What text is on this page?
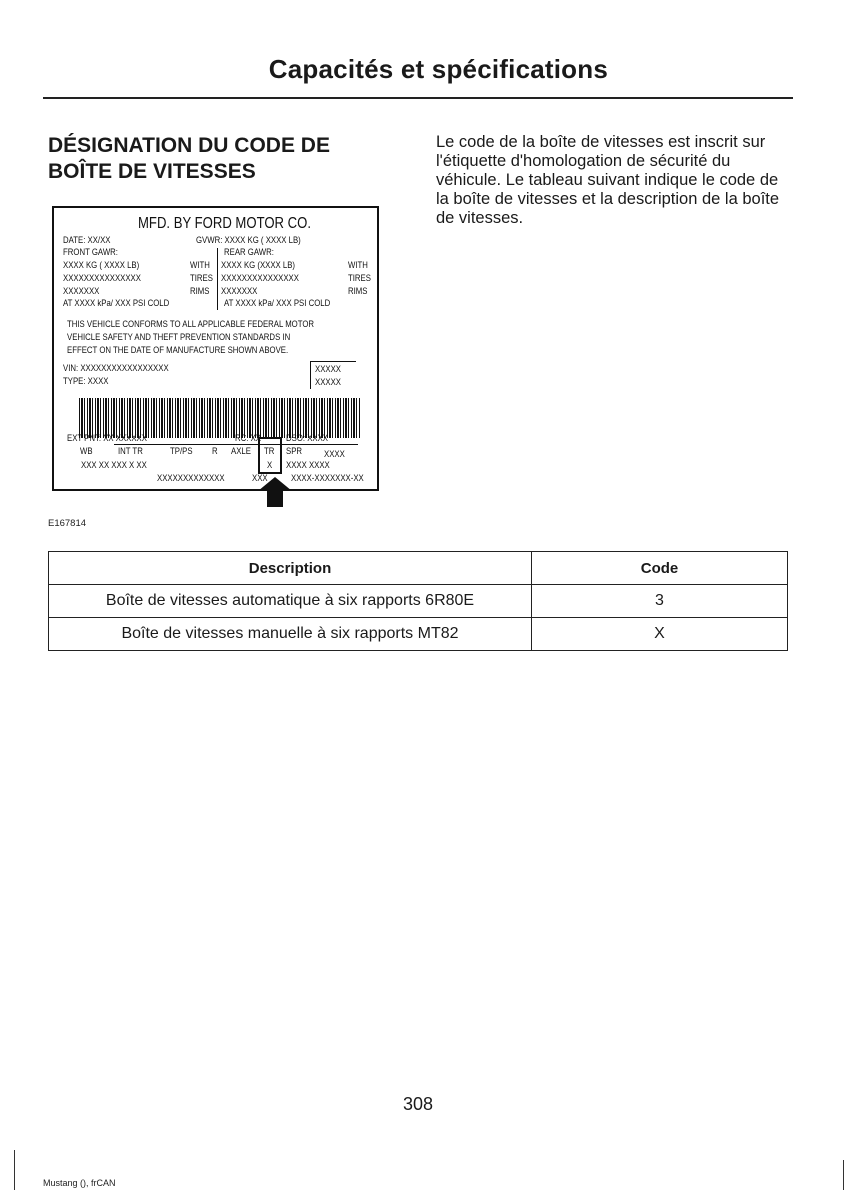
Capacités et spécifications
DÉSIGNATION DU CODE DE BOÎTE DE VITESSES
Le code de la boîte de vitesses est inscrit sur l'étiquette d'homologation de sécurité du véhicule. Le tableau suivant indique le code de la boîte de vitesses et la description de la boîte de vitesses.
MFD. BY FORD MOTOR CO.
DATE: XX/XX	GVWR: XXXX KG ( XXXX LB)
FRONT GAWR:	REAR GAWR:
XXXX KG ( XXXX LB)	WITH XXXX KG (XXXX LB)	WITH
XXXXXXXXXXXXXXX	TIRES XXXXXXXXXXXXXXX	TIRES
XXXXXXX	RIMS XXXXXXX	RIMS
AT XXXX kPa/ XXX PSI COLD	AT XXXX kPa/ XXX PSI COLD
THIS VEHICLE CONFORMS TO ALL APPLICABLE FEDERAL MOTOR
VEHICLE SAFETY AND THEFT PREVENTION STANDARDS IN
EFFECT ON THE DATE OF MANUFACTURE SHOWN ABOVE.
VIN: XXXXXXXXXXXXXXXXX
TYPE: XXXX
XXXXX
XXXXX
EXT PNT: XX XXXXXX	RC: XX	DSO: XXXX
WB	INT TR	TP/PS R AXLE TR SPR XXXX
XXX XX XXX X XX	X XXXX XXXX
XXXXXXXXXXXXX	XXX XXXX-XXXXXXX-XX
E167814
Description	Code
Boîte de vitesses automatique à six rapports 6R80E	3
Boîte de vitesses manuelle à six rapports MT82	X
308
Mustang (), frCAN
